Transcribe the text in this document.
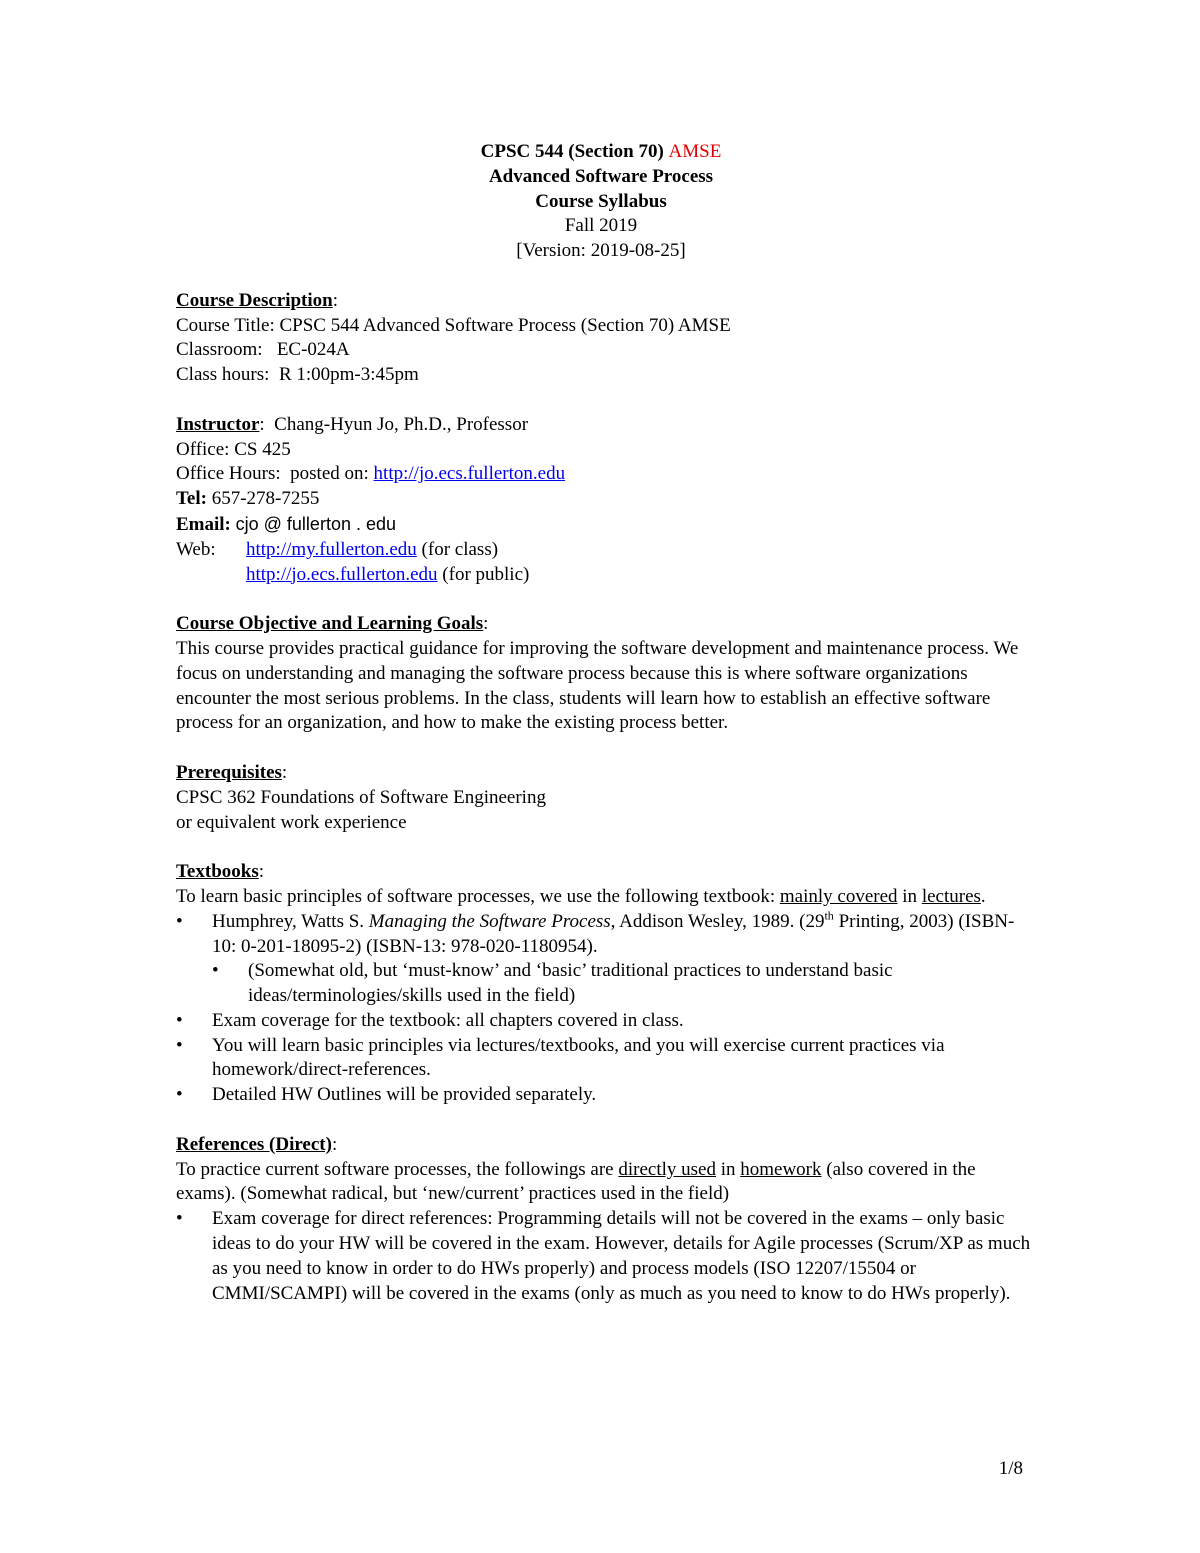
CPSC 544 (Section 70) AMSE
Advanced Software Process
Course Syllabus
Fall 2019
[Version: 2019-08-25]
Course Description:
Course Title: CPSC 544 Advanced Software Process (Section 70) AMSE
Classroom: EC-024A
Class hours: R 1:00pm-3:45pm
Instructor: Chang-Hyun Jo, Ph.D., Professor
Office: CS 425
Office Hours: posted on: http://jo.ecs.fullerton.edu
Tel: 657-278-7255
Email: cjo @ fullerton . edu
Web:	http://my.fullerton.edu (for class)
http://jo.ecs.fullerton.edu (for public)
Course Objective and Learning Goals:
This course provides practical guidance for improving the software development and maintenance process. We focus on understanding and managing the software process because this is where software organizations encounter the most serious problems. In the class, students will learn how to establish an effective software process for an organization, and how to make the existing process better.
Prerequisites:
CPSC 362 Foundations of Software Engineering
or equivalent work experience
Textbooks:
To learn basic principles of software processes, we use the following textbook: mainly covered in lectures.
•
Humphrey, Watts S. Managing the Software Process, Addison Wesley, 1989. (29th Printing, 2003) (ISBN-10: 0-201-18095-2) (ISBN-13: 978-020-1180954).
•
(Somewhat old, but ‘must-know’ and ‘basic’ traditional practices to understand basic ideas/terminologies/skills used in the field)
•
Exam coverage for the textbook: all chapters covered in class.
•
You will learn basic principles via lectures/textbooks, and you will exercise current practices via homework/direct-references.
•
Detailed HW Outlines will be provided separately.
References (Direct):
To practice current software processes, the followings are directly used in homework (also covered in the exams). (Somewhat radical, but ‘new/current’ practices used in the field)
•
Exam coverage for direct references: Programming details will not be covered in the exams – only basic ideas to do your HW will be covered in the exam. However, details for Agile processes (Scrum/XP as much as you need to know in order to do HWs properly) and process models (ISO 12207/15504 or CMMI/SCAMPI) will be covered in the exams (only as much as you need to know to do HWs properly).
1/8
